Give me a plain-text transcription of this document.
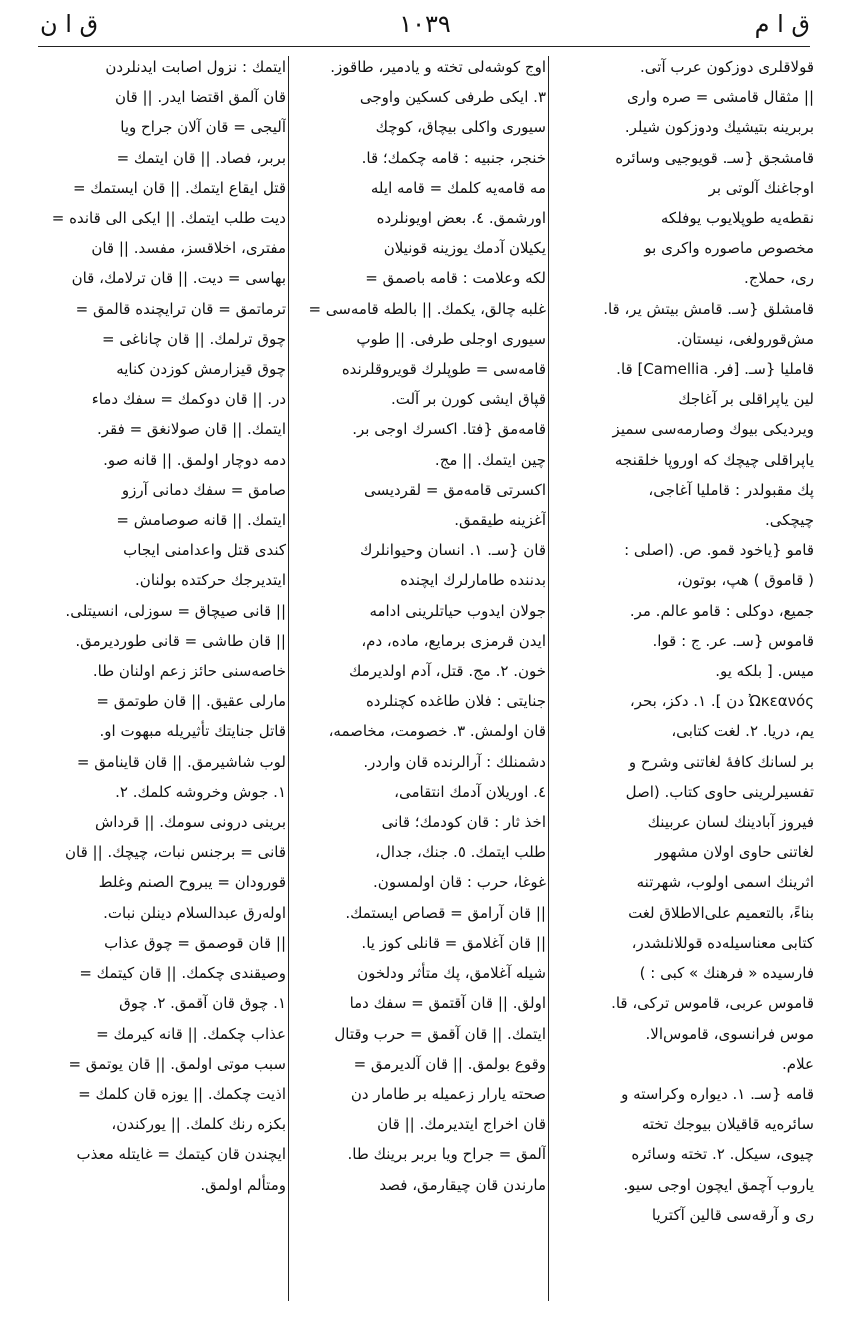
ق ا ن	١٠٣٩	ق ا م
قولاقلری دوزکون عرب آتی.
|| مثقال قامشی = صره واری
بربرینه بتیشیك ودوزكون شیلر.
قامشجق {سـ. قویوجیی وسائره
اوجاغنك آلوتی بر
نقطه‌یه طوپلایوب یوفلکه
مخصوص ماصوره واکری بو
ری، حملاج.
قامشلق {سـ. قامش بیتش یر، قا.
مش‌قورولغی، نیستان.
قاملیا {سـ. [فر. Camellia] قا.
لین یاپراقلی بر آغاجك
ویردیكی بیوك وصارمه‌سی سمیز
یاپراقلی چیچك كه اوروپا خلقنجه
پك مقبولدر : قاملیا آغاجی،
چیچكی.
قامو {یاخود قمو. ص. (اصلی :
( قاموق ) هپ، بوتون،
جمیع، دوكلی : قامو عالم. مر.
قاموس {سـ. عر. ج : قوا.
میس. [ بلكه یو.
Ὠκεανός دن ]. ١. دكز، بحر،
یم، دریا. ٢. لغت كتابی،
بر لسانك كافهٔ لغاتنی وشرح و
تفسیرلرینی حاوی كتاب. (اصل
فیروز آبادینك لسان عربینك
لغاتنی حاوی اولان مشهور
اثرینك اسمی اولوب، شهرتنه
بناءً، بالتعمیم علی‌الاطلاق لغت
كتابی معناسیله‌ده قوللانلشدر،
فارسیده « فرهنك » كبی : )
قاموس عربی، قاموس تركی، قا.
موس فرانسوی، قاموس‌الا.
علام.
قامه {سـ. ١. دیواره وكراسته و
سائره‌یه قاقیلان بیوجك تخته
چیوی، سیكل. ٢. تخته وسائره
یاروب آچمق ایچون اوجی سیو.
ری و آرقه‌سی قالین آكتریا
اوج كوشه‌لی تخته و یادمیر، طاقوز.
٣. ایكی طرفی كسكین واوجی
سیوری واكلی بیچاق، كوچك
خنجر، جنبیه : قامه چكمك؛ قا.
مه قامه‌یه كلمك = قامه ایله
اورشمق. ٤. بعض اویونلرده
یكیلان آدمك یوزینه قونیلان
لكه وعلامت : قامه باصمق =
غلبه چالق، یكمك. || بالطه قامه‌سی =
سیوری اوجلی طرفی. || طوپ
قامه‌سی = طوپلرك قویروقلرنده
قپاق ایشی كورن بر آلت.
قامه‌مق {فتا. اكسرك اوجی بر.
چین ایتمك. || مج.
اكسرتی قامه‌مق = لقردیسی
آغزینه طیقمق.
قان {سـ. ١. انسان وحیوانلرك
بدننده طامارلرك ایچنده
جولان ایدوب حیاتلرینی ادامه
ایدن قرمزی برمایع، ماده، دم،
خون. ٢. مج. قتل، آدم اولدیرمك
جنایتی : فلان طاغده كچنلرده
قان اولمش. ٣. خصومت، مخاصمه،
دشمنلك : آرالرنده قان واردر.
٤. اوریلان آدمك انتقامی،
اخذ ثار : قان كودمك؛ قانی
طلب ایتمك. ٥. جنك، جدال،
غوغا، حرب : قان اولمسون.
|| قان آرامق = قصاص ایستمك.
|| قان آغلامق = قانلی كوز یا.
شیله آغلامق، پك متأثر ودلخون
اولق. || قان آقتمق = سفك دما
ایتمك. || قان آقمق = حرب وقتال
وقوع بولمق. || قان آلدیرمق =
صحته یارار زعمیله بر طامار دن
قان اخراج ایتدیرمك. || قان
آلمق = جراح ویا بربر برینك طا.
مارندن قان چیقارمق، فصد
ایتمك : نزول اصابت ایدنلردن
قان آلمق اقتضا ایدر. || قان
آلیجی = قان آلان جراح ویا
بربر، فصاد. || قان ایتمك =
قتل ایقاع ایتمك. || قان ایستمك =
دیت طلب ایتمك. || ایكی الی قانده =
مفتری، اخلاقسز، مفسد. || قان
بهاسی = دیت. || قان ترلامك، قان
ترماتمق = قان ترایچنده قالمق =
چوق ترلمك. || قان چاناغی =
چوق قیزارمش كوزدن كنایه
در. || قان دوكمك = سفك دماء
ایتمك. || قان صولانغق = فقر.
دمه دوچار اولمق. || قانه صو.
صامق = سفك دمانی آرزو
ایتمك. || قانه صوصامش =
كندی قتل واعدامنی ایجاب
ایتدیرجك حركتده بولنان.
|| قانی صیچاق = سوزلی، انسیتلی.
|| قان طاشی = قانی طوردیرمق.
خاصه‌سنی حائز زعم اولنان طا.
مارلی عقیق. || قان طوتمق =
قاتل جنایتك تأثیریله مبهوت او.
لوب شاشیرمق. || قان قاینامق =
١. جوش وخروشه كلمك. ٢.
برینی درونی سومك. || قرداش
قانی = برجنس نبات، چیچك. || قان
قورودان = یبروح الصنم وغلط
اوله‌رق عبدالسلام دینلن نبات.
|| قان قوصمق = چوق عذاب
وصیقندی چكمك. || قان كیتمك =
١. چوق قان آقمق. ٢. چوق
عذاب چكمك. || قانه كیرمك =
سبب موتی اولمق. || قان یوتمق =
اذیت چكمك. || یوزه قان كلمك =
بكزه رنك كلمك. || یوركندن،
ایچندن قان كیتمك = غایتله معذب
ومتألم اولمق.
